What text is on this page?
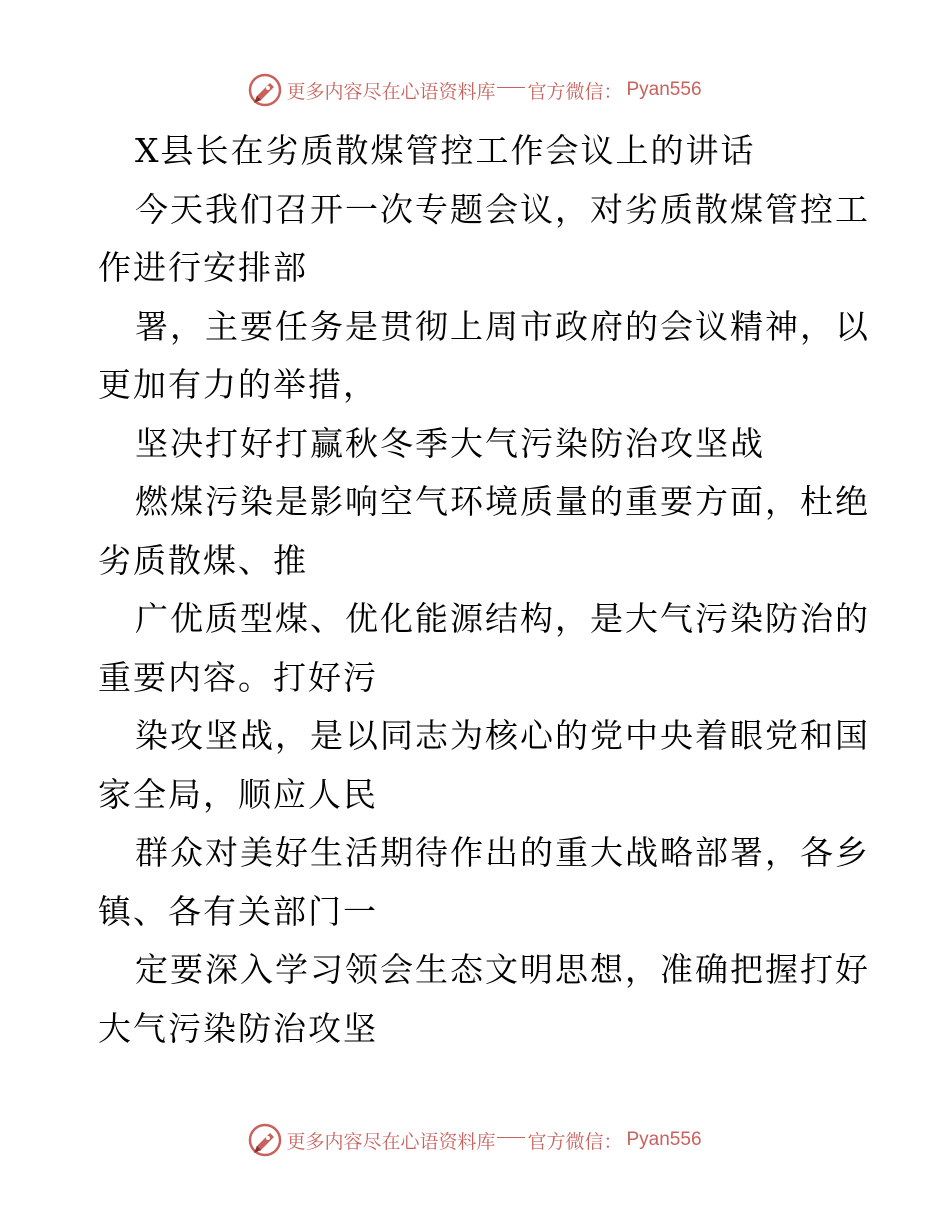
更多内容尽在心语资料库 官方微信： Pyan556
X县长在劣质散煤管控工作会议上的讲话
今天我们召开一次专题会议，对劣质散煤管控工
作进行安排部
署，主要任务是贯彻上周市政府的会议精神，以
更加有力的举措，
坚决打好打赢秋冬季大气污染防治攻坚战
燃煤污染是影响空气环境质量的重要方面，杜绝
劣质散煤、推
广优质型煤、优化能源结构，是大气污染防治的
重要内容。打好污
染攻坚战，是以同志为核心的党中央着眼党和国
家全局，顺应人民
群众对美好生活期待作出的重大战略部署，各乡
镇、各有关部门一
定要深入学习领会生态文明思想，准确把握打好
大气污染防治攻坚
更多内容尽在心语资料库 官方微信： Pyan556
